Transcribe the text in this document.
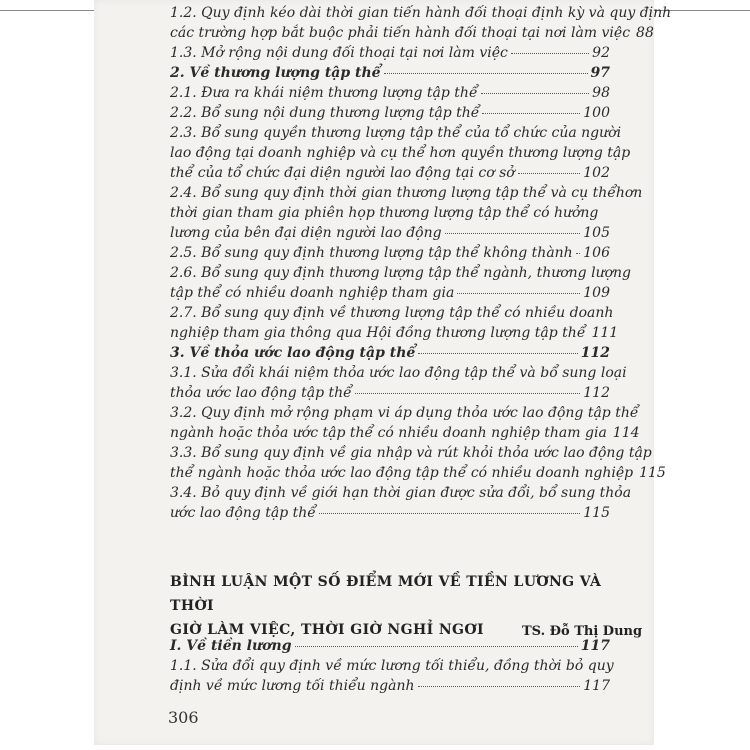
1.2. Quy định kéo dài thời gian tiến hành đối thoại định kỳ và quy định
các trường hợp bắt buộc phải tiến hành đối thoại tại nơi làm việc 88
1.3. Mở rộng nội dung đối thoại tại nơi làm việc	92
2. Về thương lượng tập thể	97
2.1. Đưa ra khái niệm thương lượng tập thể	98
2.2. Bổ sung nội dung thương lượng tập thể	100
2.3. Bổ sung quyền thương lượng tập thể của tổ chức của người
lao động tại doanh nghiệp và cụ thể hơn quyền thương lượng tập
thể của tổ chức đại diện người lao động tại cơ sở	102
2.4. Bổ sung quy định thời gian thương lượng tập thể và cụ thểhơn
thời gian tham gia phiên họp thương lượng tập thể có hưởng
lương của bên đại diện người lao động	105
2.5. Bổ sung quy định thương lượng tập thể không thành 106
2.6. Bổ sung quy định thương lượng tập thể ngành, thương lượng
tập thể có nhiều doanh nghiệp tham gia	109
2.7. Bổ sung quy định về thương lượng tập thể có nhiều doanh
nghiệp tham gia thông qua Hội đồng thương lượng tập thể 111
3. Về thỏa ước lao động tập thể	112
3.1. Sửa đổi khái niệm thỏa ước lao động tập thể và bổ sung loại
thỏa ước lao động tập thể	112
3.2. Quy định mở rộng phạm vi áp dụng thỏa ước lao động tập thể
ngành hoặc thỏa ước tập thể có nhiều doanh nghiệp tham gia 114
3.3. Bổ sung quy định về gia nhập và rút khỏi thỏa ước lao động tập
thể ngành hoặc thỏa ước lao động tập thể có nhiều doanh nghiệp 115
3.4. Bỏ quy định về giới hạn thời gian được sửa đổi, bổ sung thỏa
ước lao động tập thể	115
BÌNH LUẬN MỘT SỐ ĐIỂM MỚI VỀ TIỀN LƯƠNG VÀ THỜI
GIỜ LÀM VIỆC, THỜI GIỜ NGHỈ NGƠI	TS. Đỗ Thị Dung
I. Về tiền lương	117
1.1. Sửa đổi quy định về mức lương tối thiểu, đồng thời bỏ quy
định về mức lương tối thiểu ngành	117
306
